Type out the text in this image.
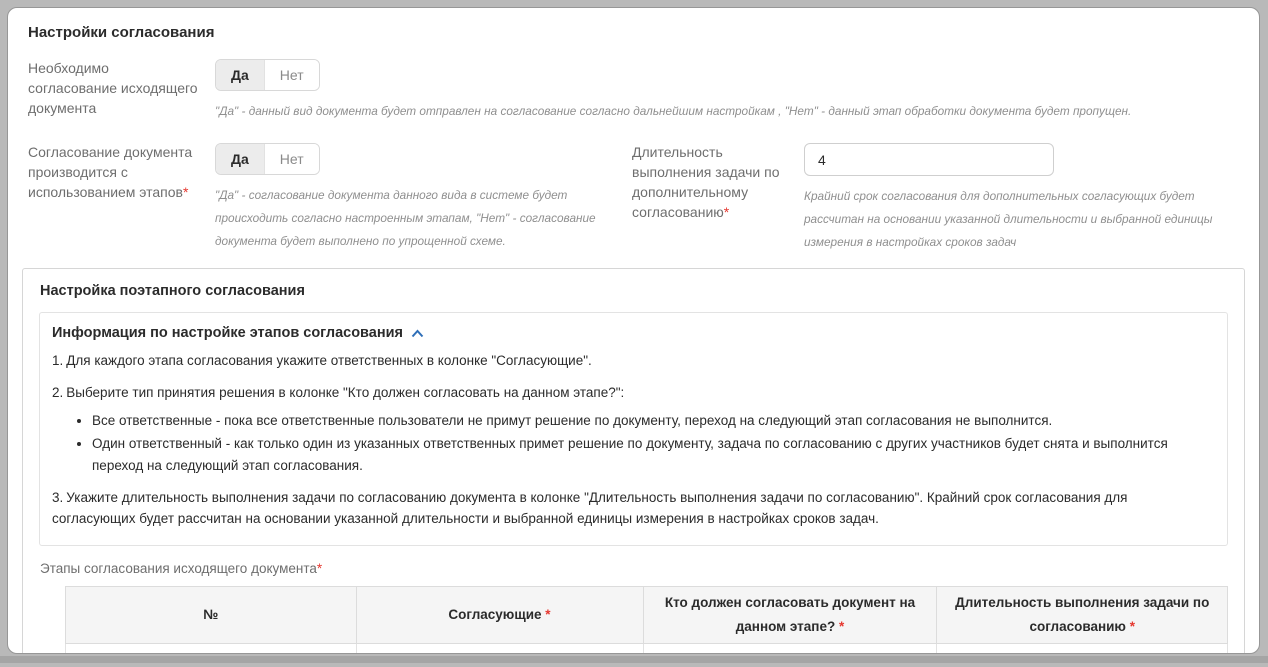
Настройки согласования
Необходимо согласование исходящего документа
Да	Нет
"Да" - данный вид документа будет отправлен на согласование согласно дальнейшим настройкам , "Нет" - данный этап обработки документа будет пропущен.
Согласование документа производится с использованием этапов*
Да	Нет
"Да" - согласование документа данного вида в системе будет происходить согласно настроенным этапам, "Нет" - согласование документа будет выполнено по упрощенной схеме.
Длительность выполнения задачи по дополнительному согласованию*
4
Крайний срок согласования для дополнительных согласующих будет рассчитан на основании указанной длительности и выбранной единицы измерения в настройках сроков задач
Настройка поэтапного согласования
Информация по настройке этапов согласования
1. Для каждого этапа согласования укажите ответственных в колонке "Согласующие".
2. Выберите тип принятия решения в колонке "Кто должен согласовать на данном этапе?":
• Все ответственные - пока все ответственные пользователи не примут решение по документу, переход на следующий этап согласования не выполнится.
• Один ответственный - как только один из указанных ответственных примет решение по документу, задача по согласованию с других участников будет снята и выполнится переход на следующий этап согласования.
3. Укажите длительность выполнения задачи по согласованию документа в колонке "Длительность выполнения задачи по согласованию". Крайний срок согласования для согласующих будет рассчитан на основании указанной длительности и выбранной единицы измерения в настройках сроков задач.
Этапы согласования исходящего документа*
№	Согласующие *	Кто должен согласовать документ на данном этапе? *	Длительность выполнения задачи по согласованию *
